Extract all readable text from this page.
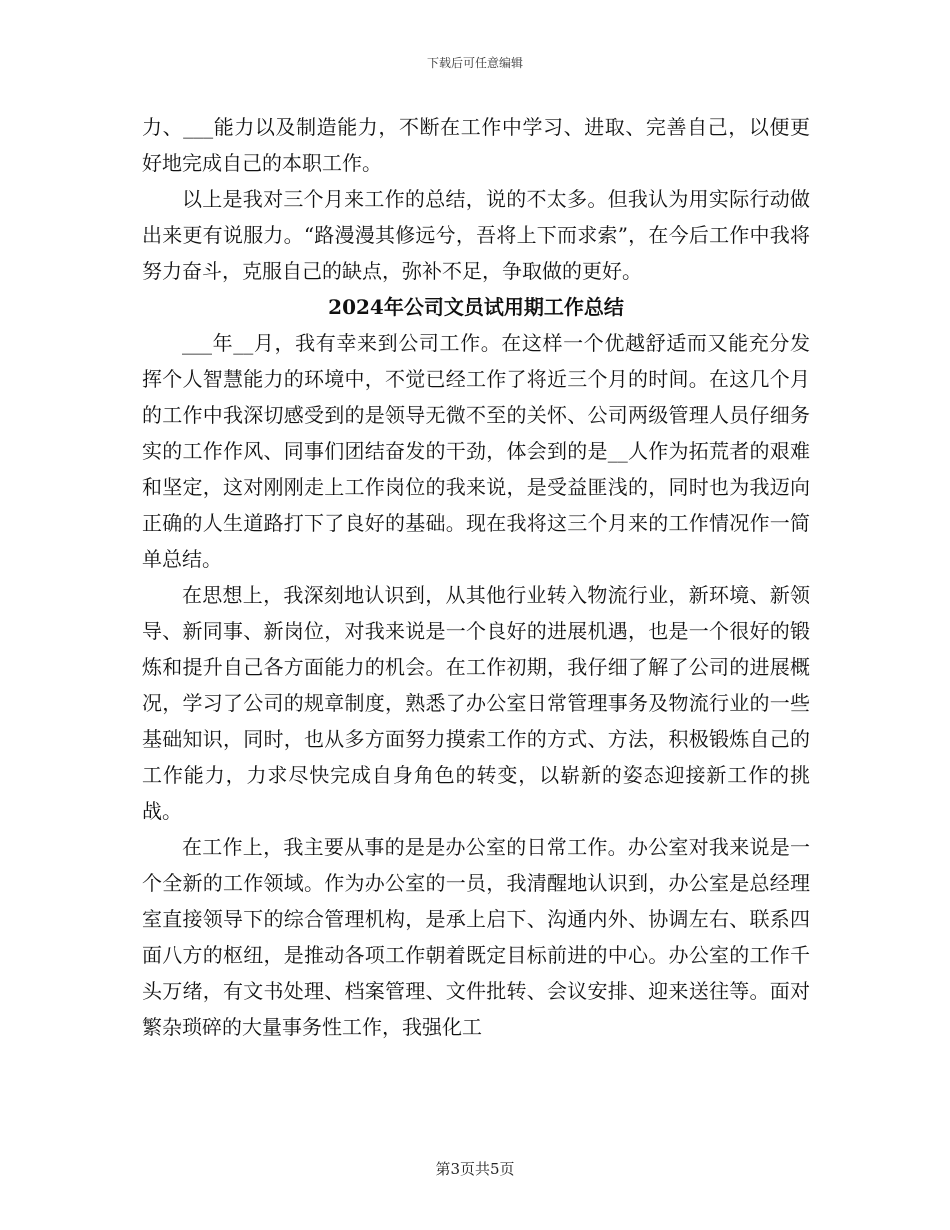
下载后可任意编辑

力、___能力以及制造能力，不断在工作中学习、进取、完善自己，以便更好地完成自己的本职工作。

以上是我对三个月来工作的总结，说的不太多。但我认为用实际行动做出来更有说服力。“路漫漫其修远兮，吾将上下而求索”，在今后工作中我将努力奋斗，克服自己的缺点，弥补不足，争取做的更好。

2024年公司文员试用期工作总结

___年__月，我有幸来到公司工作。在这样一个优越舒适而又能充分发挥个人智慧能力的环境中，不觉已经工作了将近三个月的时间。在这几个月的工作中我深切感受到的是领导无微不至的关怀、公司两级管理人员仔细务实的工作作风、同事们团结奋发的干劲，体会到的是__人作为拓荒者的艰难和坚定，这对刚刚走上工作岗位的我来说，是受益匪浅的，同时也为我迈向正确的人生道路打下了良好的基础。现在我将这三个月来的工作情况作一简单总结。

在思想上，我深刻地认识到，从其他行业转入物流行业，新环境、新领导、新同事、新岗位，对我来说是一个良好的进展机遇，也是一个很好的锻炼和提升自己各方面能力的机会。在工作初期，我仔细了解了公司的进展概况，学习了公司的规章制度，熟悉了办公室日常管理事务及物流行业的一些基础知识，同时，也从多方面努力摸索工作的方式、方法，积极锻炼自己的工作能力，力求尽快完成自身角色的转变，以崭新的姿态迎接新工作的挑战。

在工作上，我主要从事的是是办公室的日常工作。办公室对我来说是一个全新的工作领域。作为办公室的一员，我清醒地认识到，办公室是总经理室直接领导下的综合管理机构，是承上启下、沟通内外、协调左右、联系四面八方的枢纽，是推动各项工作朝着既定目标前进的中心。办公室的工作千头万绪，有文书处理、档案管理、文件批转、会议安排、迎来送往等。面对繁杂琐碎的大量事务性工作，我强化工

第3页共5页
